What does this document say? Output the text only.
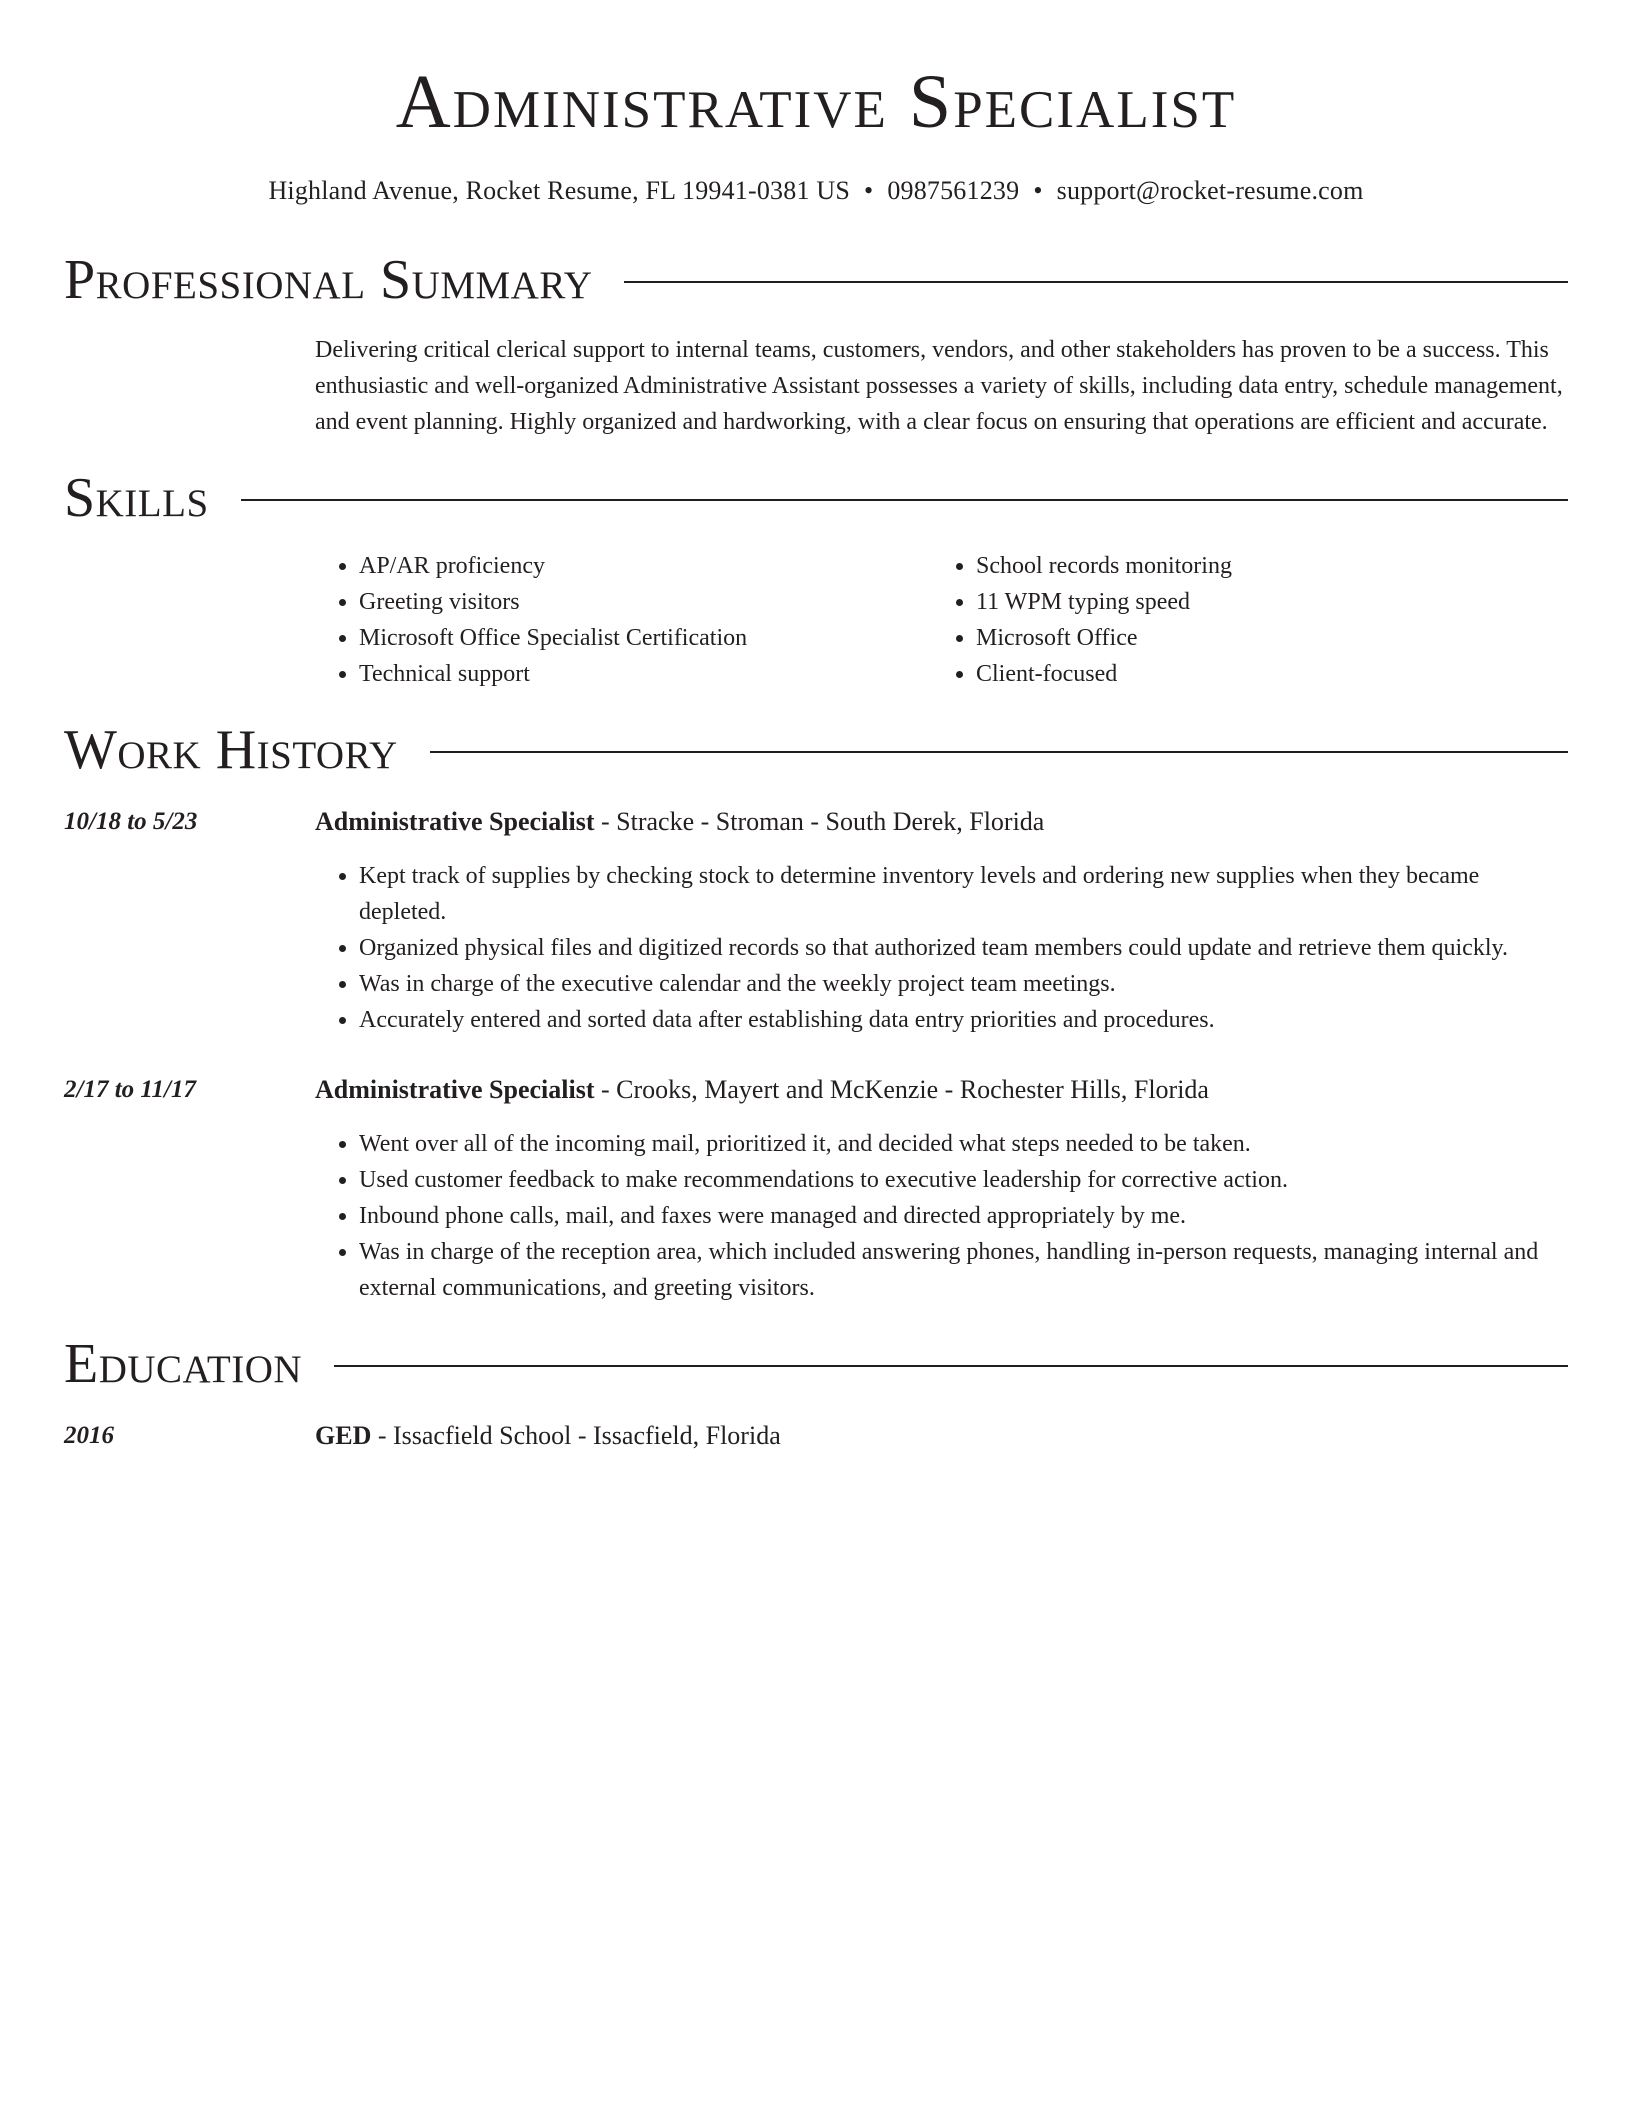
Administrative Specialist
Highland Avenue, Rocket Resume, FL 19941-0381 US • 0987561239 • support@rocket-resume.com
Professional Summary

Delivering critical clerical support to internal teams, customers, vendors, and other stakeholders has proven to be a success. This enthusiastic and well-organized Administrative Assistant possesses a variety of skills, including data entry, schedule management, and event planning. Highly organized and hardworking, with a clear focus on ensuring that operations are efficient and accurate.

Skills
• AP/AR proficiency
• Greeting visitors
• Microsoft Office Specialist Certification
• Technical support
• School records monitoring
• 11 WPM typing speed
• Microsoft Office
• Client-focused
Work History
10/18 to 5/23	Administrative Specialist - Stracke - Stroman - South Derek, Florida
• Kept track of supplies by checking stock to determine inventory levels and ordering new supplies when they became depleted.
• Organized physical files and digitized records so that authorized team members could update and retrieve them quickly.
• Was in charge of the executive calendar and the weekly project team meetings.
• Accurately entered and sorted data after establishing data entry priorities and procedures.
2/17 to 11/17	Administrative Specialist - Crooks, Mayert and McKenzie - Rochester Hills, Florida
• Went over all of the incoming mail, prioritized it, and decided what steps needed to be taken.
• Used customer feedback to make recommendations to executive leadership for corrective action.
• Inbound phone calls, mail, and faxes were managed and directed appropriately by me.
• Was in charge of the reception area, which included answering phones, handling in-person requests, managing internal and external communications, and greeting visitors.
Education
2016	GED - Issacfield School - Issacfield, Florida
